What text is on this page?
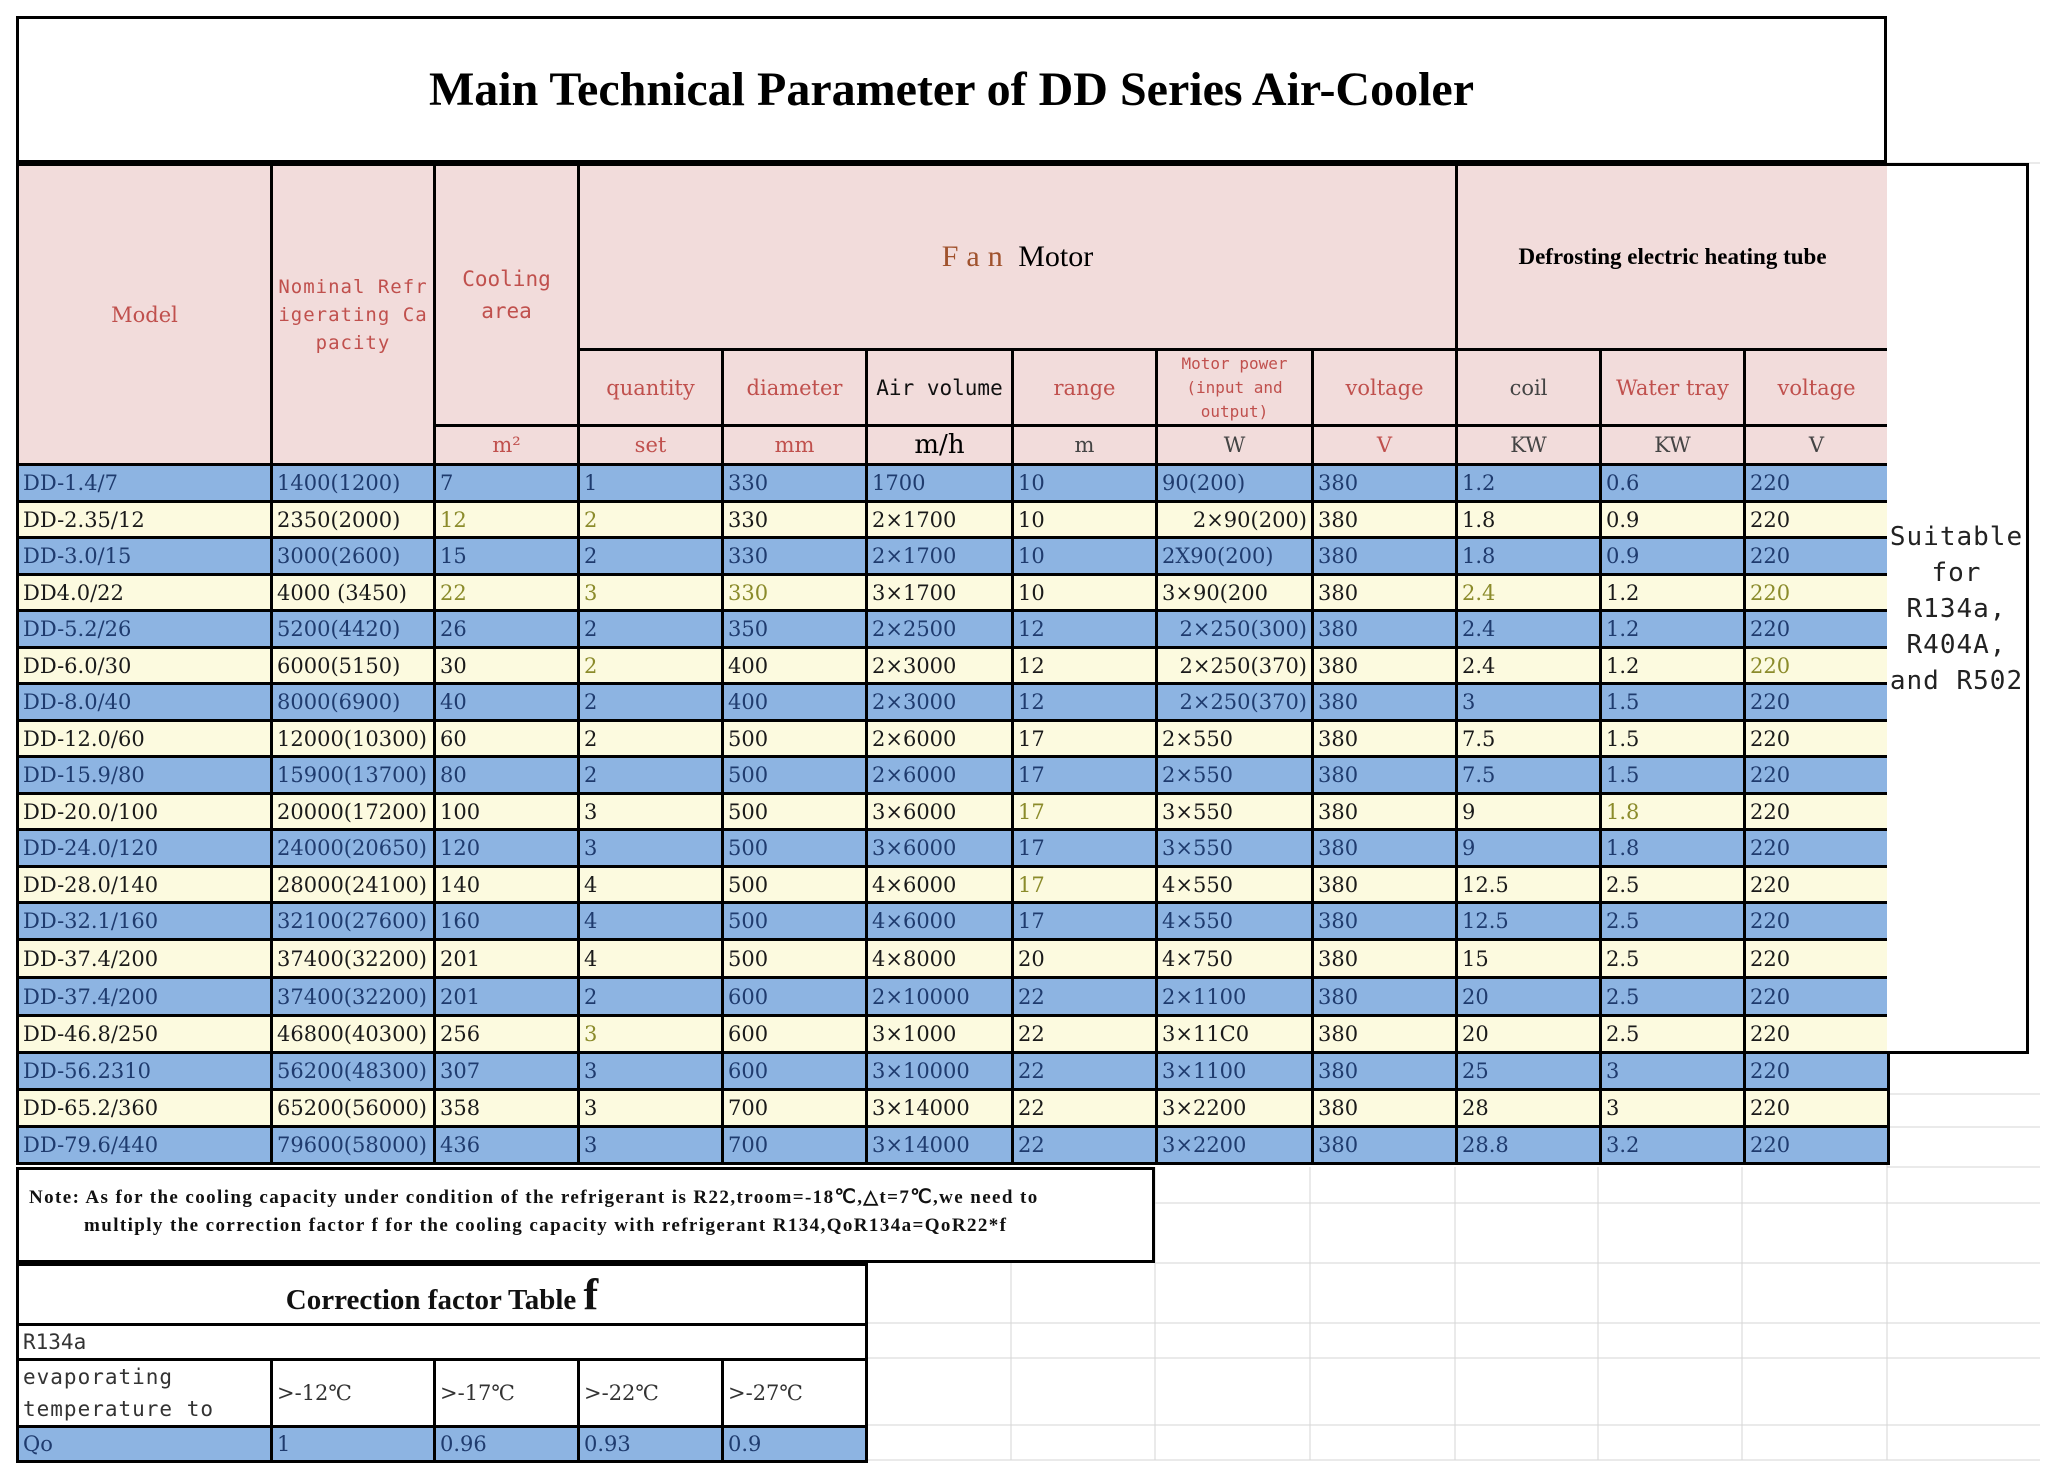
Main Technical Parameter of DD Series Air-Cooler
Model	Nominal Refrigerating Capacity	Cooling area	Fan Motor						Defrosting electric heating tube		
			quantity	diameter	Air volume	range	Motor power (input and output)	voltage	coil	Water tray	voltage
		m²	set	mm	m/h	m	W	V	KW	KW	V
DD-1.4/7	1400(1200)	7	1	330	1700	10	90(200)	380	1.2	0.6	220
DD-2.35/12	2350(2000)	12	2	330	2×1700	10	2×90(200)	380	1.8	0.9	220
DD-3.0/15	3000(2600)	15	2	330	2×1700	10	2X90(200)	380	1.8	0.9	220
DD4.0/22	4000 (3450)	22	3	330	3×1700	10	3×90(200	380	2.4	1.2	220
DD-5.2/26	5200(4420)	26	2	350	2×2500	12	2×250(300)	380	2.4	1.2	220
DD-6.0/30	6000(5150)	30	2	400	2×3000	12	2×250(370)	380	2.4	1.2	220
DD-8.0/40	8000(6900)	40	2	400	2×3000	12	2×250(370)	380	3	1.5	220
DD-12.0/60	12000(10300)	60	2	500	2×6000	17	2×550	380	7.5	1.5	220
DD-15.9/80	15900(13700)	80	2	500	2×6000	17	2×550	380	7.5	1.5	220
DD-20.0/100	20000(17200)	100	3	500	3×6000	17	3×550	380	9	1.8	220
DD-24.0/120	24000(20650)	120	3	500	3×6000	17	3×550	380	9	1.8	220
DD-28.0/140	28000(24100)	140	4	500	4×6000	17	4×550	380	12.5	2.5	220
DD-32.1/160	32100(27600)	160	4	500	4×6000	17	4×550	380	12.5	2.5	220
DD-37.4/200	37400(32200)	201	4	500	4×8000	20	4×750	380	15	2.5	220
DD-37.4/200	37400(32200)	201	2	600	2×10000	22	2×1100	380	20	2.5	220
DD-46.8/250	46800(40300)	256	3	600	3×1000	22	3×11C0	380	20	2.5	220
DD-56.2310	56200(48300)	307	3	600	3×10000	22	3×1100	380	25	3	220
DD-65.2/360	65200(56000)	358	3	700	3×14000	22	3×2200	380	28	3	220
DD-79.6/440	79600(58000)	436	3	700	3×14000	22	3×2200	380	28.8	3.2	220
Suitable
for
R134a,
R404A,
and R502
Note: As for the cooling capacity under condition of the refrigerant is R22,troom=-18℃,△t=7℃,we need to
multiply the correction factor f for the cooling capacity with refrigerant R134,QoR134a=QoR22*f
Correction factor Table f				
R134a				
evaporating temperature to	>-12℃	>-17℃	>-22℃	>-27℃
Qo	1	0.96	0.93	0.9
